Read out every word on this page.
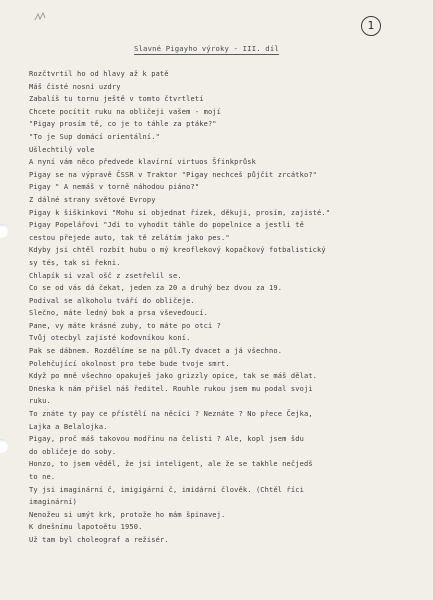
1
Slavné Pigayho výroky - III. díl
Rozčtvrtil ho od hlavy až k patě
Máš čisté nosní uzdry
Zabalíš tu tornu ještě v tomto čtvrtletí
Chcete pocítit ruku na obličeji vašem - mojí
"Pigay prosím tě, co je to táhle za ptáke?"
"To je Sup domácí orientální."
Ušlechtilý vole
A nyní vám něco předvede klavírní virtuos Šfinkprůsk
Pigay se na výpravě ČSSR v Traktor "Pigay nechceš půjčit zrcátko?"
Pigay " A nemáš v torně náhodou piáno?"
Z dálné strany světové Evropy
Pigay k šiškinkovi "Mohu si objednat řízek, děkuji, prosím, zajisté."
Pigay Popelářovi "Jdi to vyhodit táhle do popelnice a jestli tě
cestou přejede auto, tak tě zelátím jako pes."
Kdyby jsi chtěl rozbít hubu o mý kreoflekový kopačkový fotbalistický
sy tés, tak si řekni.
Chlapík si vzal ošč z zsetřelil se.
Co se od vás dá čekat, jeden za 20 a druhý bez dvou za 19.
Podíval se alkoholu tváří do obličeje.
Slečno, máte ledný bok a prsa vševeďoucí.
Pane, vy máte krásné zuby, to máte po otci ?
Tvůj otecbyl zajisté koďovníkou koní.
Pak se dábnem. Rozdělíme se na půl.Ty dvacet a já všechno.
Polehčující okolnost pro tebe bude tvoje smrt.
Když po mně všechno opakuješ jako grizzly opice, tak se máš dělat.
Dneska k nám přišel náš ředitel. Rouhle rukou jsem mu podal svoji
ruku.
To znáte ty pay ce přístělí na něcíci ? Neznáte ? No přece Čejka,
Lajka a Belalojka.
Pigay, proč máš takovou modřinu na čelisti ? Ale, kopl jsem šdu
do obličeje do soby.
Honzo, to jsem věděl, že jsi inteligent, ale že se takhle nečjedš
to ne.
Ty jsi imaginární č, imigigární č, imidární člověk. (Chtěl říci
imaginární)
Nenožeu si umýt krk, protože ho mám špinavej.
K dnešnímu lapotoětu 1950.
Už tam byl choleograf a režisér.
